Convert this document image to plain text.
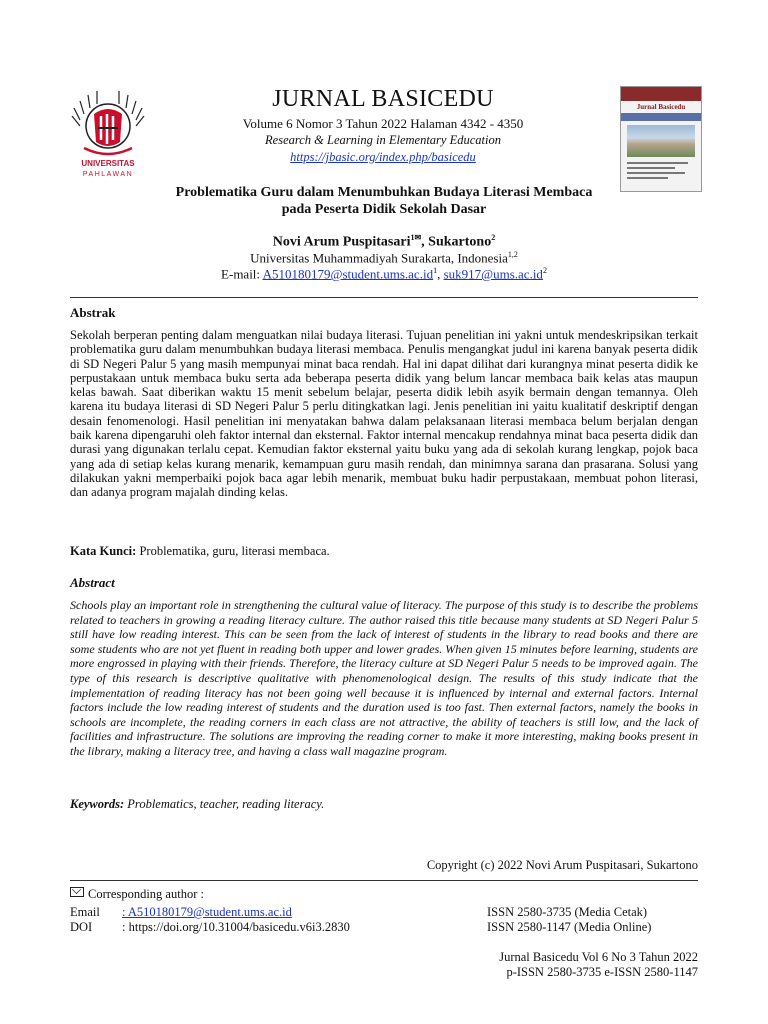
UNIVERSITAS
PAHLAWAN
Jurnal Basicedu
JURNAL BASICEDU
Volume 6 Nomor 3 Tahun 2022 Halaman 4342 - 4350
Research & Learning in Elementary Education
https://jbasic.org/index.php/basicedu
Problematika Guru dalam Menumbuhkan Budaya Literasi Membaca
pada Peserta Didik Sekolah Dasar
Novi Arum Puspitasari$^{1✉}$, Sukartono$^2$
Universitas Muhammadiyah Surakarta, Indonesia$^{1,2}$
E-mail: $A510180179@student.ums.ac.id^1$, $suk917@ums.ac.id^2$
Abstrak
Sekolah berperan penting dalam menguatkan nilai budaya literasi. Tujuan penelitian ini yakni untuk mendeskripsikan terkait problematika guru dalam menumbuhkan budaya literasi membaca. Penulis mengangkat judul ini karena banyak peserta didik di SD Negeri Palur 5 yang masih mempunyai minat baca rendah. Hal ini dapat dilihat dari kurangnya minat peserta didik ke perpustakaan untuk membaca buku serta ada beberapa peserta didik yang belum lancar membaca baik kelas atas maupun kelas bawah. Saat diberikan waktu 15 menit sebelum belajar, peserta didik lebih asyik bermain dengan temannya. Oleh karena itu budaya literasi di SD Negeri Palur 5 perlu ditingkatkan lagi. Jenis penelitian ini yaitu kualitatif deskriptif dengan desain fenomenologi. Hasil penelitian ini menyatakan bahwa dalam pelaksanaan literasi membaca belum berjalan dengan baik karena dipengaruhi oleh faktor internal dan eksternal. Faktor internal mencakup rendahnya minat baca peserta didik dan durasi yang digunakan terlalu cepat. Kemudian faktor eksternal yaitu buku yang ada di sekolah kurang lengkap, pojok baca yang ada di setiap kelas kurang menarik, kemampuan guru masih rendah, dan minimnya sarana dan prasarana. Solusi yang dilakukan yakni memperbaiki pojok baca agar lebih menarik, membuat buku hadir perpustakaan, membuat pohon literasi, dan adanya program majalah dinding kelas.
Kata Kunci: Problematika, guru, literasi membaca.
Abstract
Schools play an important role in strengthening the cultural value of literacy. The purpose of this study is to describe the problems related to teachers in growing a reading literacy culture. The author raised this title because many students at SD Negeri Palur 5 still have low reading interest. This can be seen from the lack of interest of students in the library to read books and there are some students who are not yet fluent in reading both upper and lower grades. When given 15 minutes before learning, students are more engrossed in playing with their friends. Therefore, the literacy culture at SD Negeri Palur 5 needs to be improved again. The type of this research is descriptive qualitative with phenomenological design. The results of this study indicate that the implementation of reading literacy has not been going well because it is influenced by internal and external factors. Internal factors include the low reading interest of students and the duration used is too fast. Then external factors, namely the books in schools are incomplete, the reading corners in each class are not attractive, the ability of teachers is still low, and the lack of facilities and infrastructure. The solutions are improving the reading corner to make it more interesting, making books present in the library, making a literacy tree, and having a class wall magazine program.
Keywords: Problematics, teacher, reading literacy.
Copyright (c) 2022 Novi Arum Puspitasari, Sukartono
Corresponding author :
Email : A510180179@student.ums.ac.id
DOI : https://doi.org/10.31004/basicedu.v6i3.2830
ISSN 2580-3735 (Media Cetak)
ISSN 2580-1147 (Media Online)
Jurnal Basicedu Vol 6 No 3 Tahun 2022
p-ISSN 2580-3735 e-ISSN 2580-1147
